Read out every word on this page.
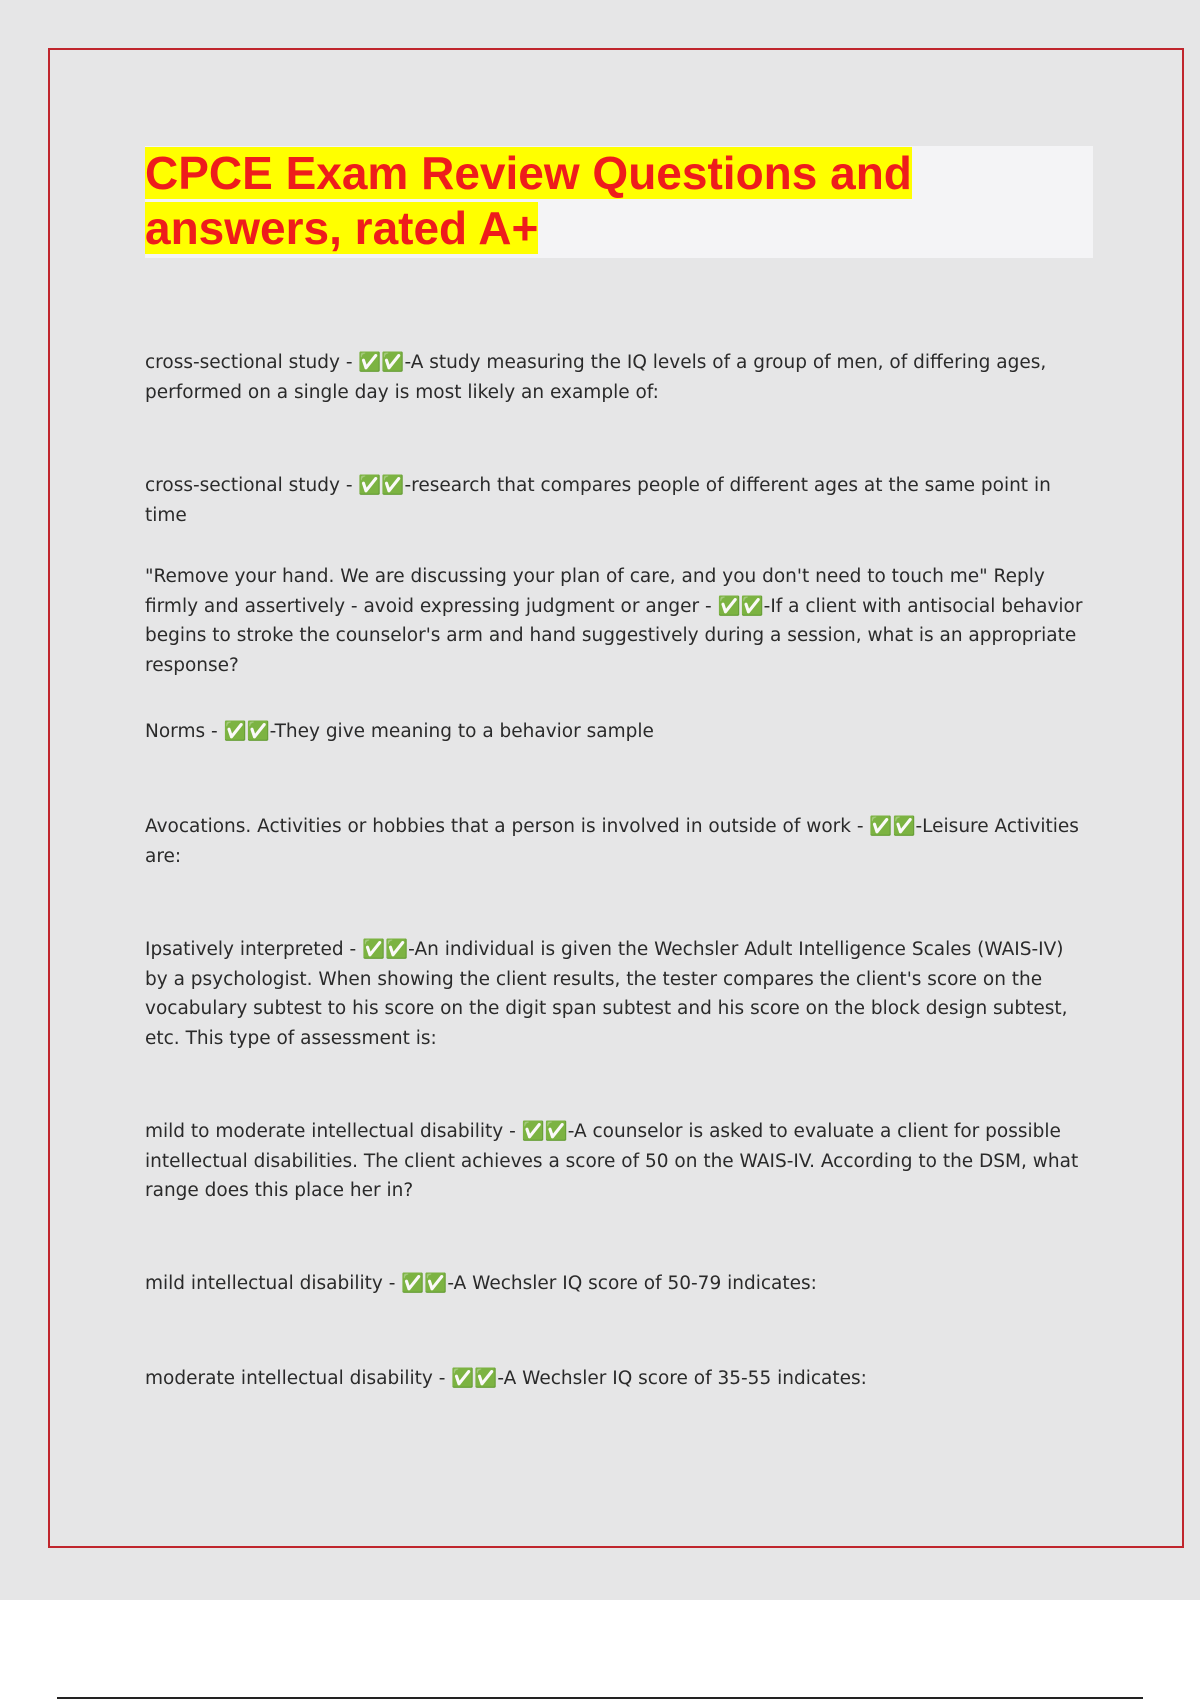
CPCE Exam Review Questions and answers, rated A+
cross-sectional study - ✅✅-A study measuring the IQ levels of a group of men, of differing ages, performed on a single day is most likely an example of:
cross-sectional study - ✅✅-research that compares people of different ages at the same point in time
"Remove your hand. We are discussing your plan of care, and you don't need to touch me" Reply firmly and assertively - avoid expressing judgment or anger - ✅✅-If a client with antisocial behavior begins to stroke the counselor's arm and hand suggestively during a session, what is an appropriate response?
Norms - ✅✅-They give meaning to a behavior sample
Avocations. Activities or hobbies that a person is involved in outside of work - ✅✅-Leisure Activities are:
Ipsatively interpreted - ✅✅-An individual is given the Wechsler Adult Intelligence Scales (WAIS-IV) by a psychologist. When showing the client results, the tester compares the client's score on the vocabulary subtest to his score on the digit span subtest and his score on the block design subtest, etc. This type of assessment is:
mild to moderate intellectual disability - ✅✅-A counselor is asked to evaluate a client for possible intellectual disabilities. The client achieves a score of 50 on the WAIS-IV. According to the DSM, what range does this place her in?
mild intellectual disability - ✅✅-A Wechsler IQ score of 50-79 indicates:
moderate intellectual disability - ✅✅-A Wechsler IQ score of 35-55 indicates:
